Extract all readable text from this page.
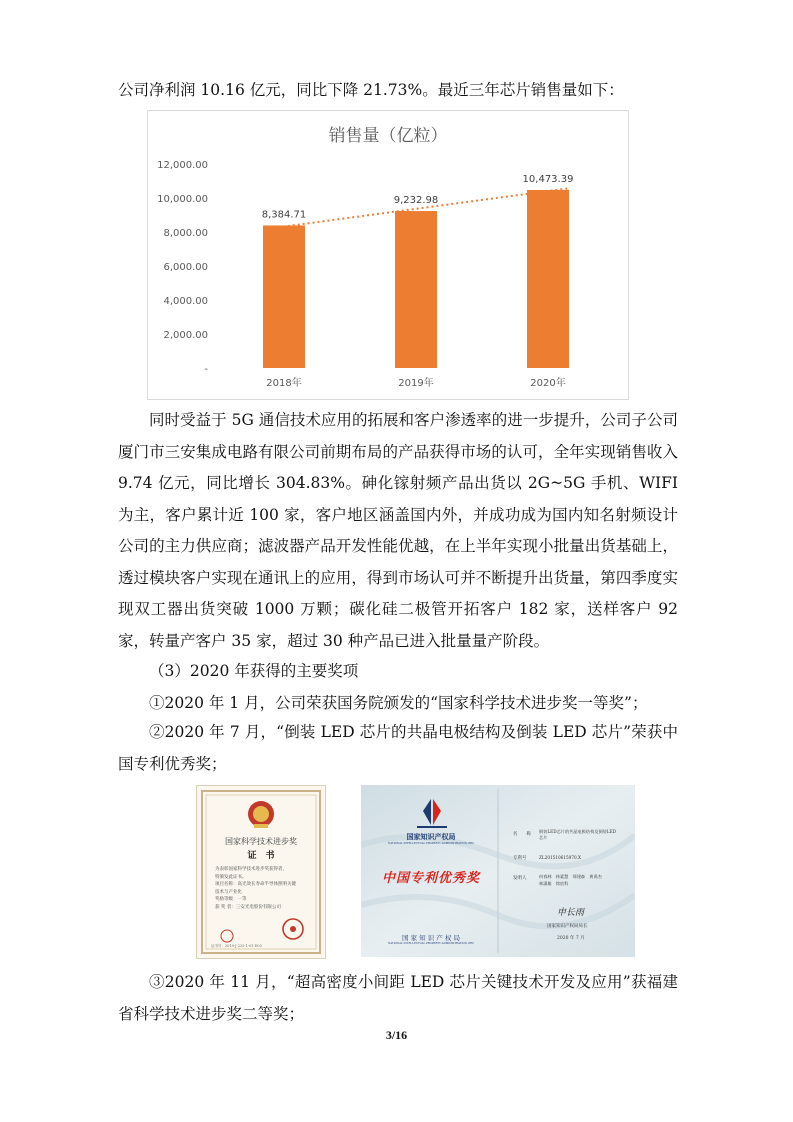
公司净利润 10.16 亿元，同比下降 21.73%。最近三年芯片销售量如下：
销售量（亿粒）
-
2,000.00
4,000.00
6,000.00
8,000.00
10,000.00
12,000.00
8,384.71
2018年
9,232.98
2019年
10,473.39
2020年
同时受益于 5G 通信技术应用的拓展和客户渗透率的进一步提升，公司子公司厦门市三安集成电路有限公司前期布局的产品获得市场的认可，全年实现销售收入 9.74 亿元，同比增长 304.83%。砷化镓射频产品出货以 2G~5G 手机、WIFI 为主，客户累计近 100 家，客户地区涵盖国内外，并成功成为国内知名射频设计公司的主力供应商；滤波器产品开发性能优越，在上半年实现小批量出货基础上，透过模块客户实现在通讯上的应用，得到市场认可并不断提升出货量，第四季度实现双工器出货突破 1000 万颗；碳化硅二极管开拓客户 182 家，送样客户 92 家，转量产客户 35 家，超过 30 种产品已进入批量量产阶段。
（3）2020 年获得的主要奖项
①2020 年 1 月，公司荣获国务院颁发的“国家科学技术进步奖一等奖”；
②2020 年 7 月，“倒装 LED 芯片的共晶电极结构及倒装 LED 芯片”荣获中国专利优秀奖；
国家科学技术进步奖
证　书
为表彰国家科学技术进步奖获得者，
特颁发此证书。
项目名称：高光效长寿命半导体照明关键
技术与产业化
奖励等级：一等
获 奖 者：三安光电股份有限公司
证书号：2019-J-233-1-01-D03
国家知识产权局
NATIONAL INTELLECTUAL PROPERTY ADMINISTRATION, PRC
中国专利优秀奖
国 家 知 识 产 权 局
NATIONAL INTELLECTUAL PROPERTY ADMINISTRATION, PRC
名　　称
倒装LED芯片的共晶电极结构及倒装LED芯片
专利号	ZL201510615970.X
发明人	何春林　林素慧　郑建森　黄禹杰　林潇雄　徐宸科
申长雨
国家知识产权局局长
2020 年 7 月
③2020 年 11 月，“超高密度小间距 LED 芯片关键技术开发及应用”获福建省科学技术进步奖二等奖；
3/16
